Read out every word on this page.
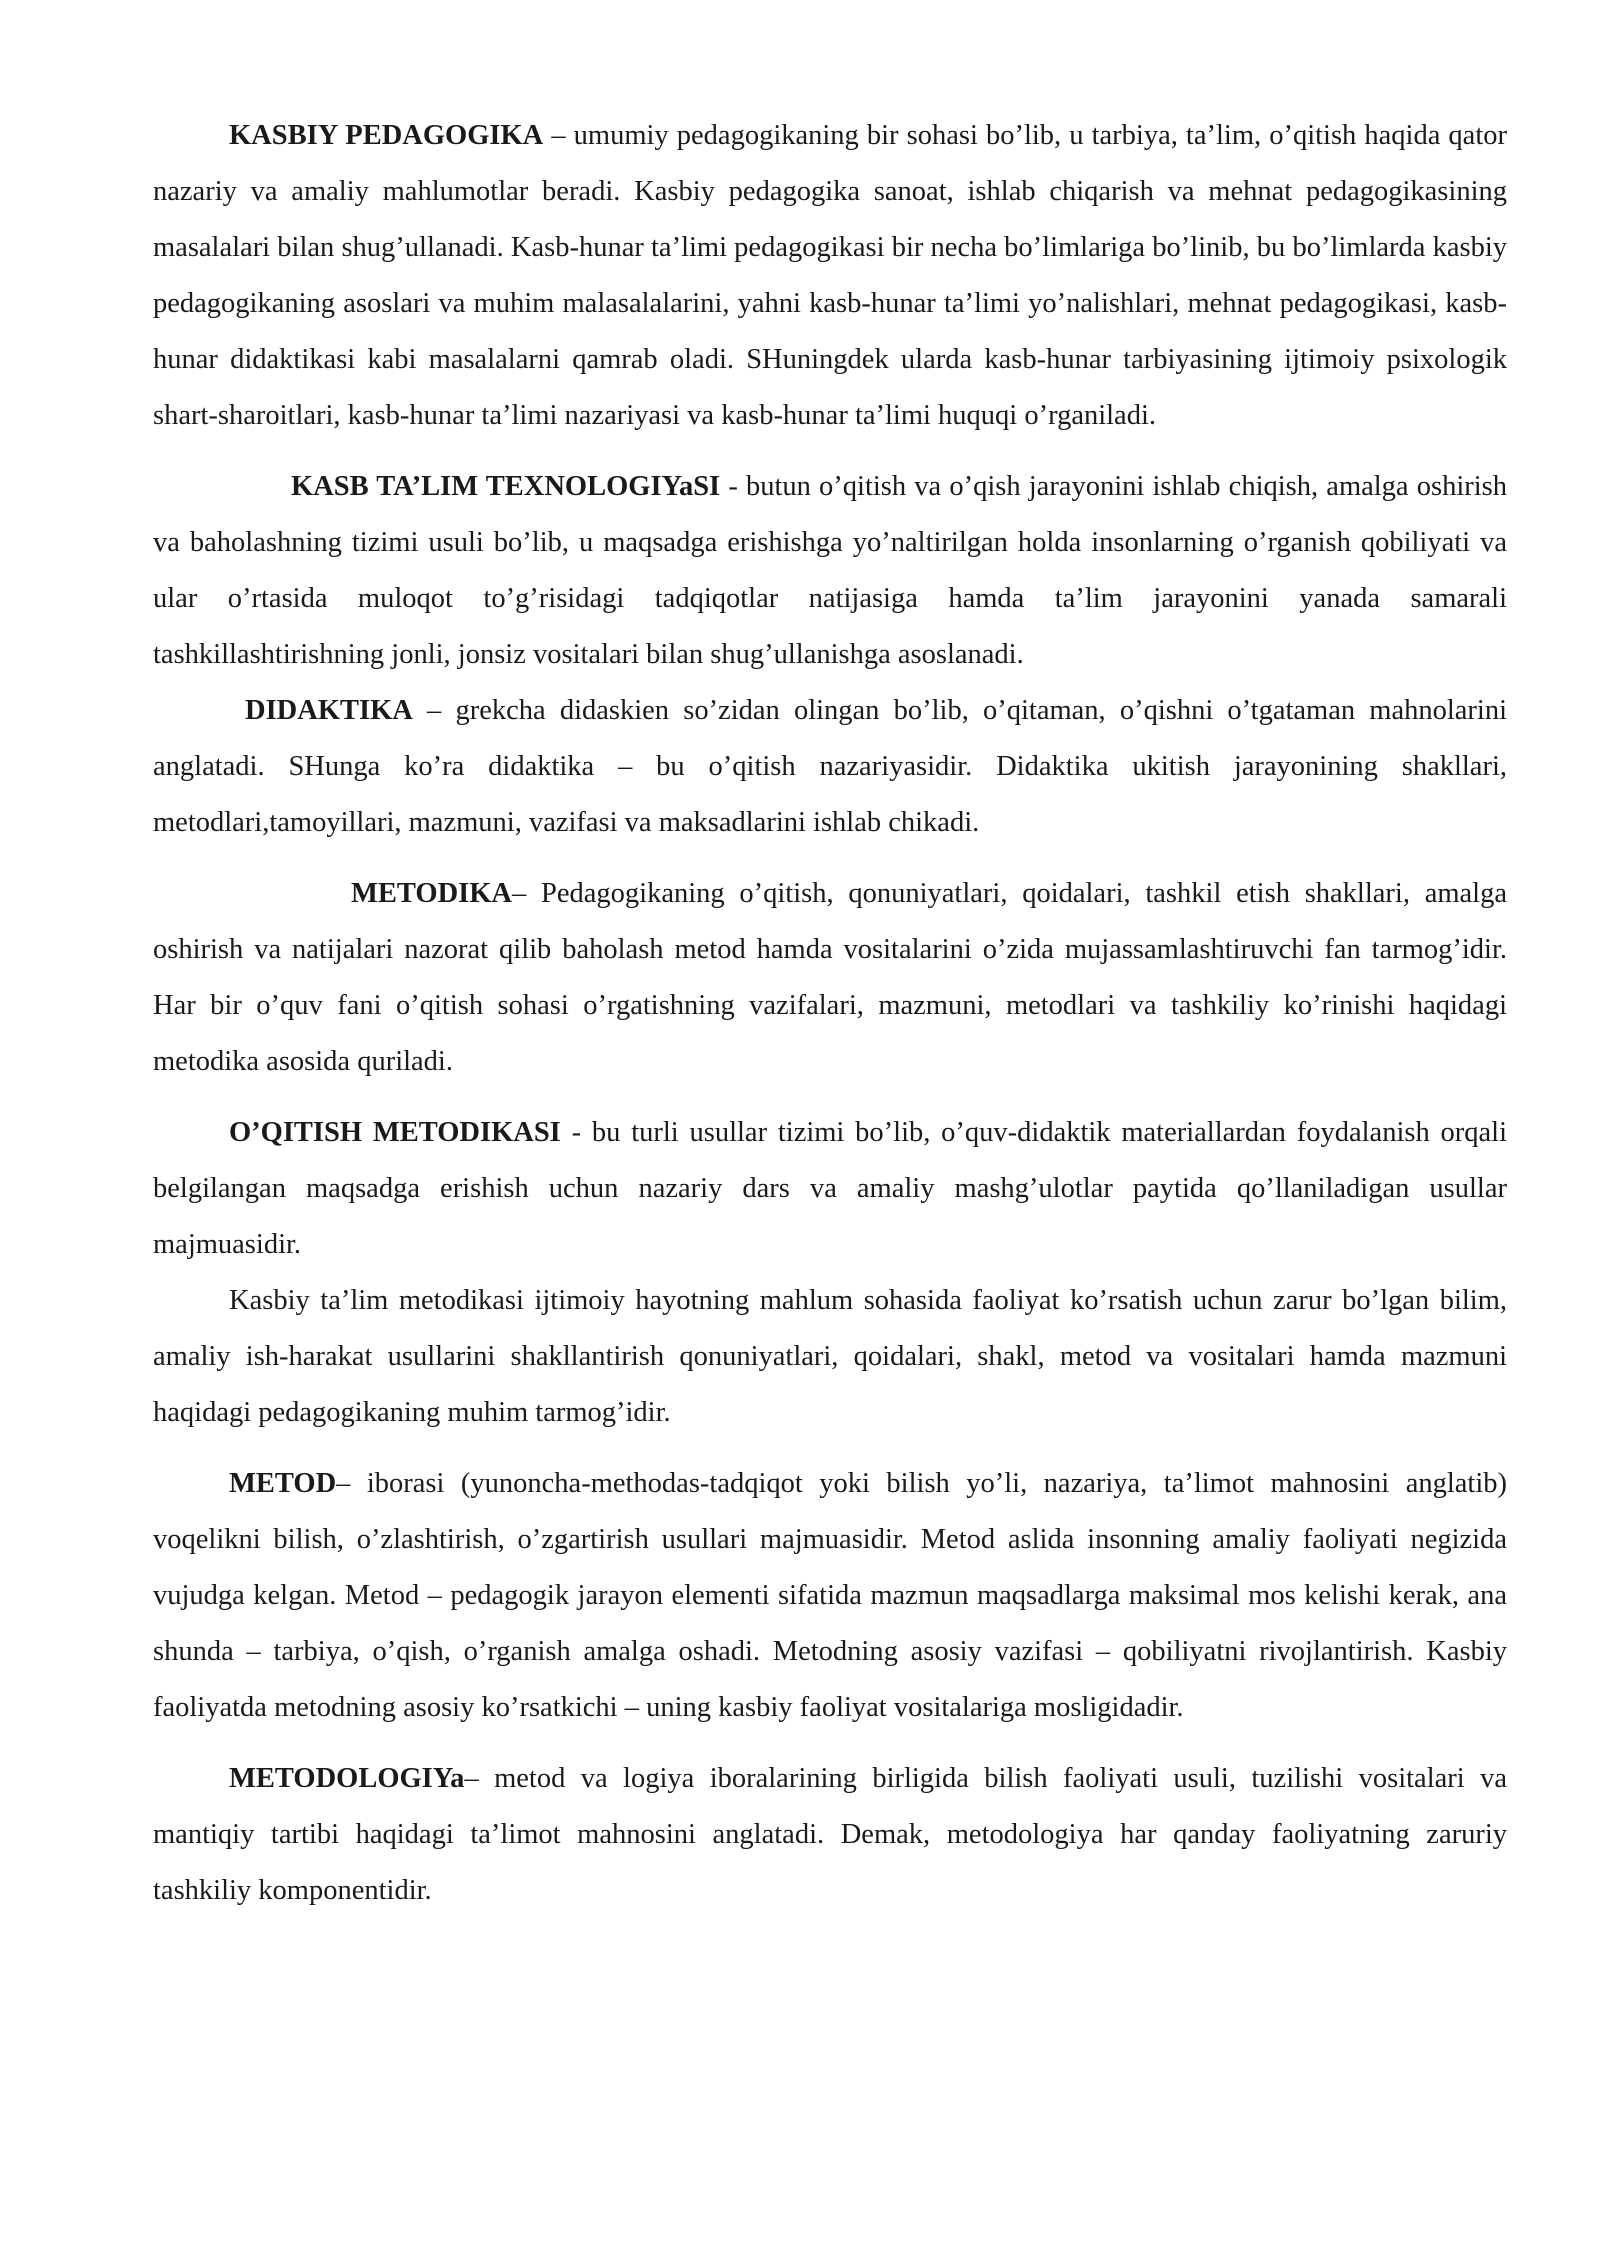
KASBIY PEDAGOGIKA – umumiy pedagogikaning bir sohasi bo’lib, u tarbiya, ta’lim, o’qitish haqida qator nazariy va amaliy mahlumotlar beradi. Kasbiy pedagogika sanoat, ishlab chiqarish va mehnat pedagogikasining masalalari bilan shug’ullanadi. Kasb-hunar ta’limi pedagogikasi bir necha bo’limlariga bo’linib, bu bo’limlarda kasbiy pedagogikaning asoslari va muhim malasalalarini, yahni kasb-hunar ta’limi yo’nalishlari, mehnat pedagogikasi, kasb-hunar didaktikasi kabi masalalarni qamrab oladi. SHuningdek ularda kasb-hunar tarbiyasining ijtimoiy psixologik shart-sharoitlari, kasb-hunar ta’limi nazariyasi va kasb-hunar ta’limi huquqi o’rganiladi.

KASB TA’LIM TEXNOLOGIYaSI - butun o’qitish va o’qish jarayonini ishlab chiqish, amalga oshirish va baholashning tizimi usuli bo’lib, u maqsadga erishishga yo’naltirilgan holda insonlarning o’rganish qobiliyati va ular o’rtasida muloqot to’g’risidagi tadqiqotlar natijasiga hamda ta’lim jarayonini yanada samarali tashkillashtirishning jonli, jonsiz vositalari bilan shug’ullanishga asoslanadi.

DIDAKTIKA – grekcha didaskien so’zidan olingan bo’lib, o’qitaman, o’qishni o’tgataman mahnolarini anglatadi. SHunga ko’ra didaktika – bu o’qitish nazariyasidir. Didaktika ukitish jarayonining shakllari, metodlari,tamoyillari, mazmuni, vazifasi va maksadlarini ishlab chikadi.

METODIKA– Pedagogikaning o’qitish, qonuniyatlari, qoidalari, tashkil etish shakllari, amalga oshirish va natijalari nazorat qilib baholash metod hamda vositalarini o’zida mujassamlashtiruvchi fan tarmog’idir. Har bir o’quv fani o’qitish sohasi o’rgatishning vazifalari, mazmuni, metodlari va tashkiliy ko’rinishi haqidagi metodika asosida quriladi.

O’QITISH METODIKASI - bu turli usullar tizimi bo’lib, o’quv-didaktik materiallardan foydalanish orqali belgilangan maqsadga erishish uchun nazariy dars va amaliy mashg’ulotlar paytida qo’llaniladigan usullar majmuasidir.

Kasbiy ta’lim metodikasi ijtimoiy hayotning mahlum sohasida faoliyat ko’rsatish uchun zarur bo’lgan bilim, amaliy ish-harakat usullarini shakllantirish qonuniyatlari, qoidalari, shakl, metod va vositalari hamda mazmuni haqidagi pedagogikaning muhim tarmog’idir.

METOD– iborasi (yunoncha-methodas-tadqiqot yoki bilish yo’li, nazariya, ta’limot mahnosini anglatib) voqelikni bilish, o’zlashtirish, o’zgartirish usullari majmuasidir. Metod aslida insonning amaliy faoliyati negizida vujudga kelgan. Metod – pedagogik jarayon elementi sifatida mazmun maqsadlarga maksimal mos kelishi kerak, ana shunda – tarbiya, o’qish, o’rganish amalga oshadi. Metodning asosiy vazifasi – qobiliyatni rivojlantirish. Kasbiy faoliyatda metodning asosiy ko’rsatkichi – uning kasbiy faoliyat vositalariga mosligidadir.

METODOLOGIYa– metod va logiya iboralarining birligida bilish faoliyati usuli, tuzilishi vositalari va mantiqiy tartibi haqidagi ta’limot mahnosini anglatadi. Demak, metodologiya har qanday faoliyatning zaruriy tashkiliy komponentidir.
